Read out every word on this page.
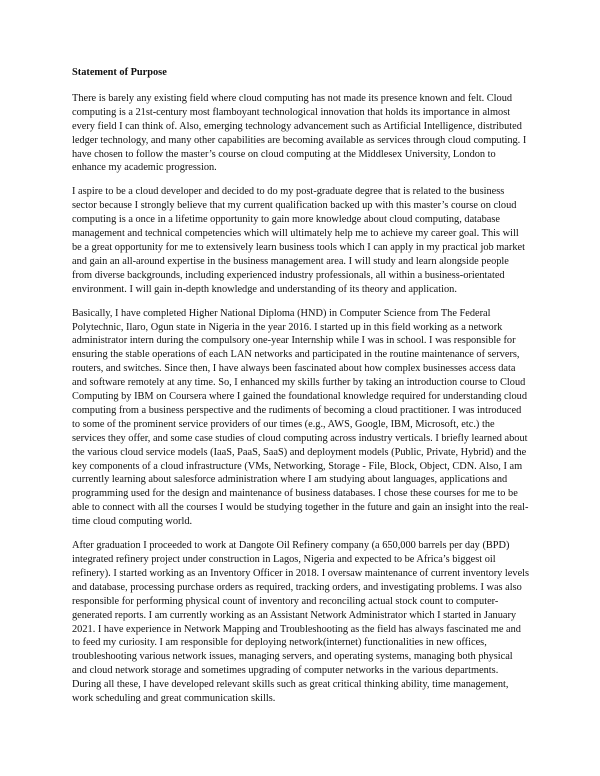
Statement of Purpose

There is barely any existing field where cloud computing has not made its presence known and felt. Cloud computing is a 21st-century most flamboyant technological innovation that holds its importance in almost every field I can think of. Also, emerging technology advancement such as Artificial Intelligence, distributed ledger technology, and many other capabilities are becoming available as services through cloud computing. I have chosen to follow the master’s course on cloud computing at the Middlesex University, London to enhance my academic progression.

I aspire to be a cloud developer and decided to do my post-graduate degree that is related to the business sector because I strongly believe that my current qualification backed up with this master’s course on cloud computing is a once in a lifetime opportunity to gain more knowledge about cloud computing, database management and technical competencies which will ultimately help me to achieve my career goal. This will be a great opportunity for me to extensively learn business tools which I can apply in my practical job market and gain an all-around expertise in the business management area. I will study and learn alongside people from diverse backgrounds, including experienced industry professionals, all within a business-orientated environment. I will gain in-depth knowledge and understanding of its theory and application.

Basically, I have completed Higher National Diploma (HND) in Computer Science from The Federal Polytechnic, Ilaro, Ogun state in Nigeria in the year 2016. I started up in this field working as a network administrator intern during the compulsory one-year Internship while I was in school. I was responsible for ensuring the stable operations of each LAN networks and participated in the routine maintenance of servers, routers, and switches. Since then, I have always been fascinated about how complex businesses access data and software remotely at any time. So, I enhanced my skills further by taking an introduction course to Cloud Computing by IBM on Coursera where I gained the foundational knowledge required for understanding cloud computing from a business perspective and the rudiments of becoming a cloud practitioner. I was introduced to some of the prominent service providers of our times (e.g., AWS, Google, IBM, Microsoft, etc.) the services they offer, and some case studies of cloud computing across industry verticals. I briefly learned about the various cloud service models (IaaS, PaaS, SaaS) and deployment models (Public, Private, Hybrid) and the key components of a cloud infrastructure (VMs, Networking, Storage - File, Block, Object, CDN. Also, I am currently learning about salesforce administration where I am studying about languages, applications and programming used for the design and maintenance of business databases. I chose these courses for me to be able to connect with all the courses I would be studying together in the future and gain an insight into the real-time cloud computing world.

After graduation I proceeded to work at Dangote Oil Refinery company (a 650,000 barrels per day (BPD) integrated refinery project under construction in Lagos, Nigeria and expected to be Africa’s biggest oil refinery). I started working as an Inventory Officer in 2018. I oversaw maintenance of current inventory levels and database, processing purchase orders as required, tracking orders, and investigating problems. I was also responsible for performing physical count of inventory and reconciling actual stock count to computer-generated reports. I am currently working as an Assistant Network Administrator which I started in January 2021. I have experience in Network Mapping and Troubleshooting as the field has always fascinated me and to feed my curiosity. I am responsible for deploying network(internet) functionalities in new offices, troubleshooting various network issues, managing servers, and operating systems, managing both physical and cloud network storage and sometimes upgrading of computer networks in the various departments. During all these, I have developed relevant skills such as great critical thinking ability, time management, work scheduling and great communication skills.
